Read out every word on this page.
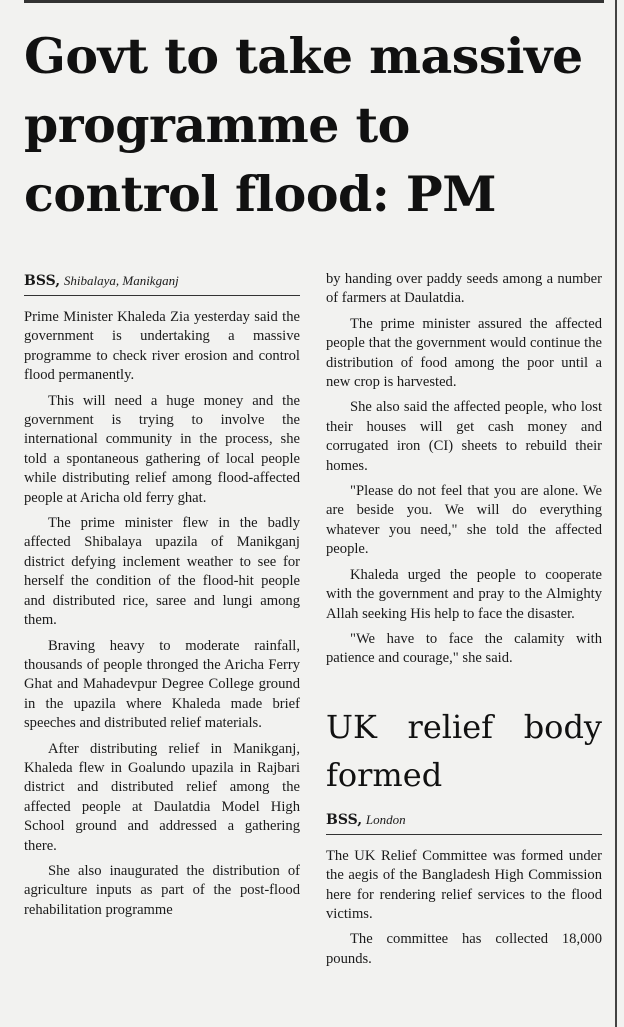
Govt to take massive programme to control flood: PM
BSS, Shibalaya, Manikganj

Prime Minister Khaleda Zia yesterday said the government is undertaking a massive programme to check river erosion and control flood permanently.

This will need a huge money and the government is trying to involve the international community in the process, she told a spontaneous gathering of local people while distributing relief among flood-affected people at Aricha old ferry ghat.

The prime minister flew in the badly affected Shibalaya upazila of Manikganj district defying inclement weather to see for herself the condition of the flood-hit people and distributed rice, saree and lungi among them.

Braving heavy to moderate rainfall, thousands of people thronged the Aricha Ferry Ghat and Mahadevpur Degree College ground in the upazila where Khaleda made brief speeches and distributed relief materials.

After distributing relief in Manikganj, Khaleda flew in Goalundo upazila in Rajbari district and distributed relief among the affected people at Daulatdia Model High School ground and addressed a gathering there.

She also inaugurated the distribution of agriculture inputs as part of the post-flood rehabilitation programme

by handing over paddy seeds among a number of farmers at Daulatdia.

The prime minister assured the affected people that the government would continue the distribution of food among the poor until a new crop is harvested.

She also said the affected people, who lost their houses will get cash money and corrugated iron (CI) sheets to rebuild their homes.

"Please do not feel that you are alone. We are beside you. We will do everything whatever you need," she told the affected people.

Khaleda urged the people to cooperate with the government and pray to the Almighty Allah seeking His help to face the disaster.

"We have to face the calamity with patience and courage," she said.

UK relief body formed
BSS, London

The UK Relief Committee was formed under the aegis of the Bangladesh High Commission here for rendering relief services to the flood victims.

The committee has collected 18,000 pounds.
